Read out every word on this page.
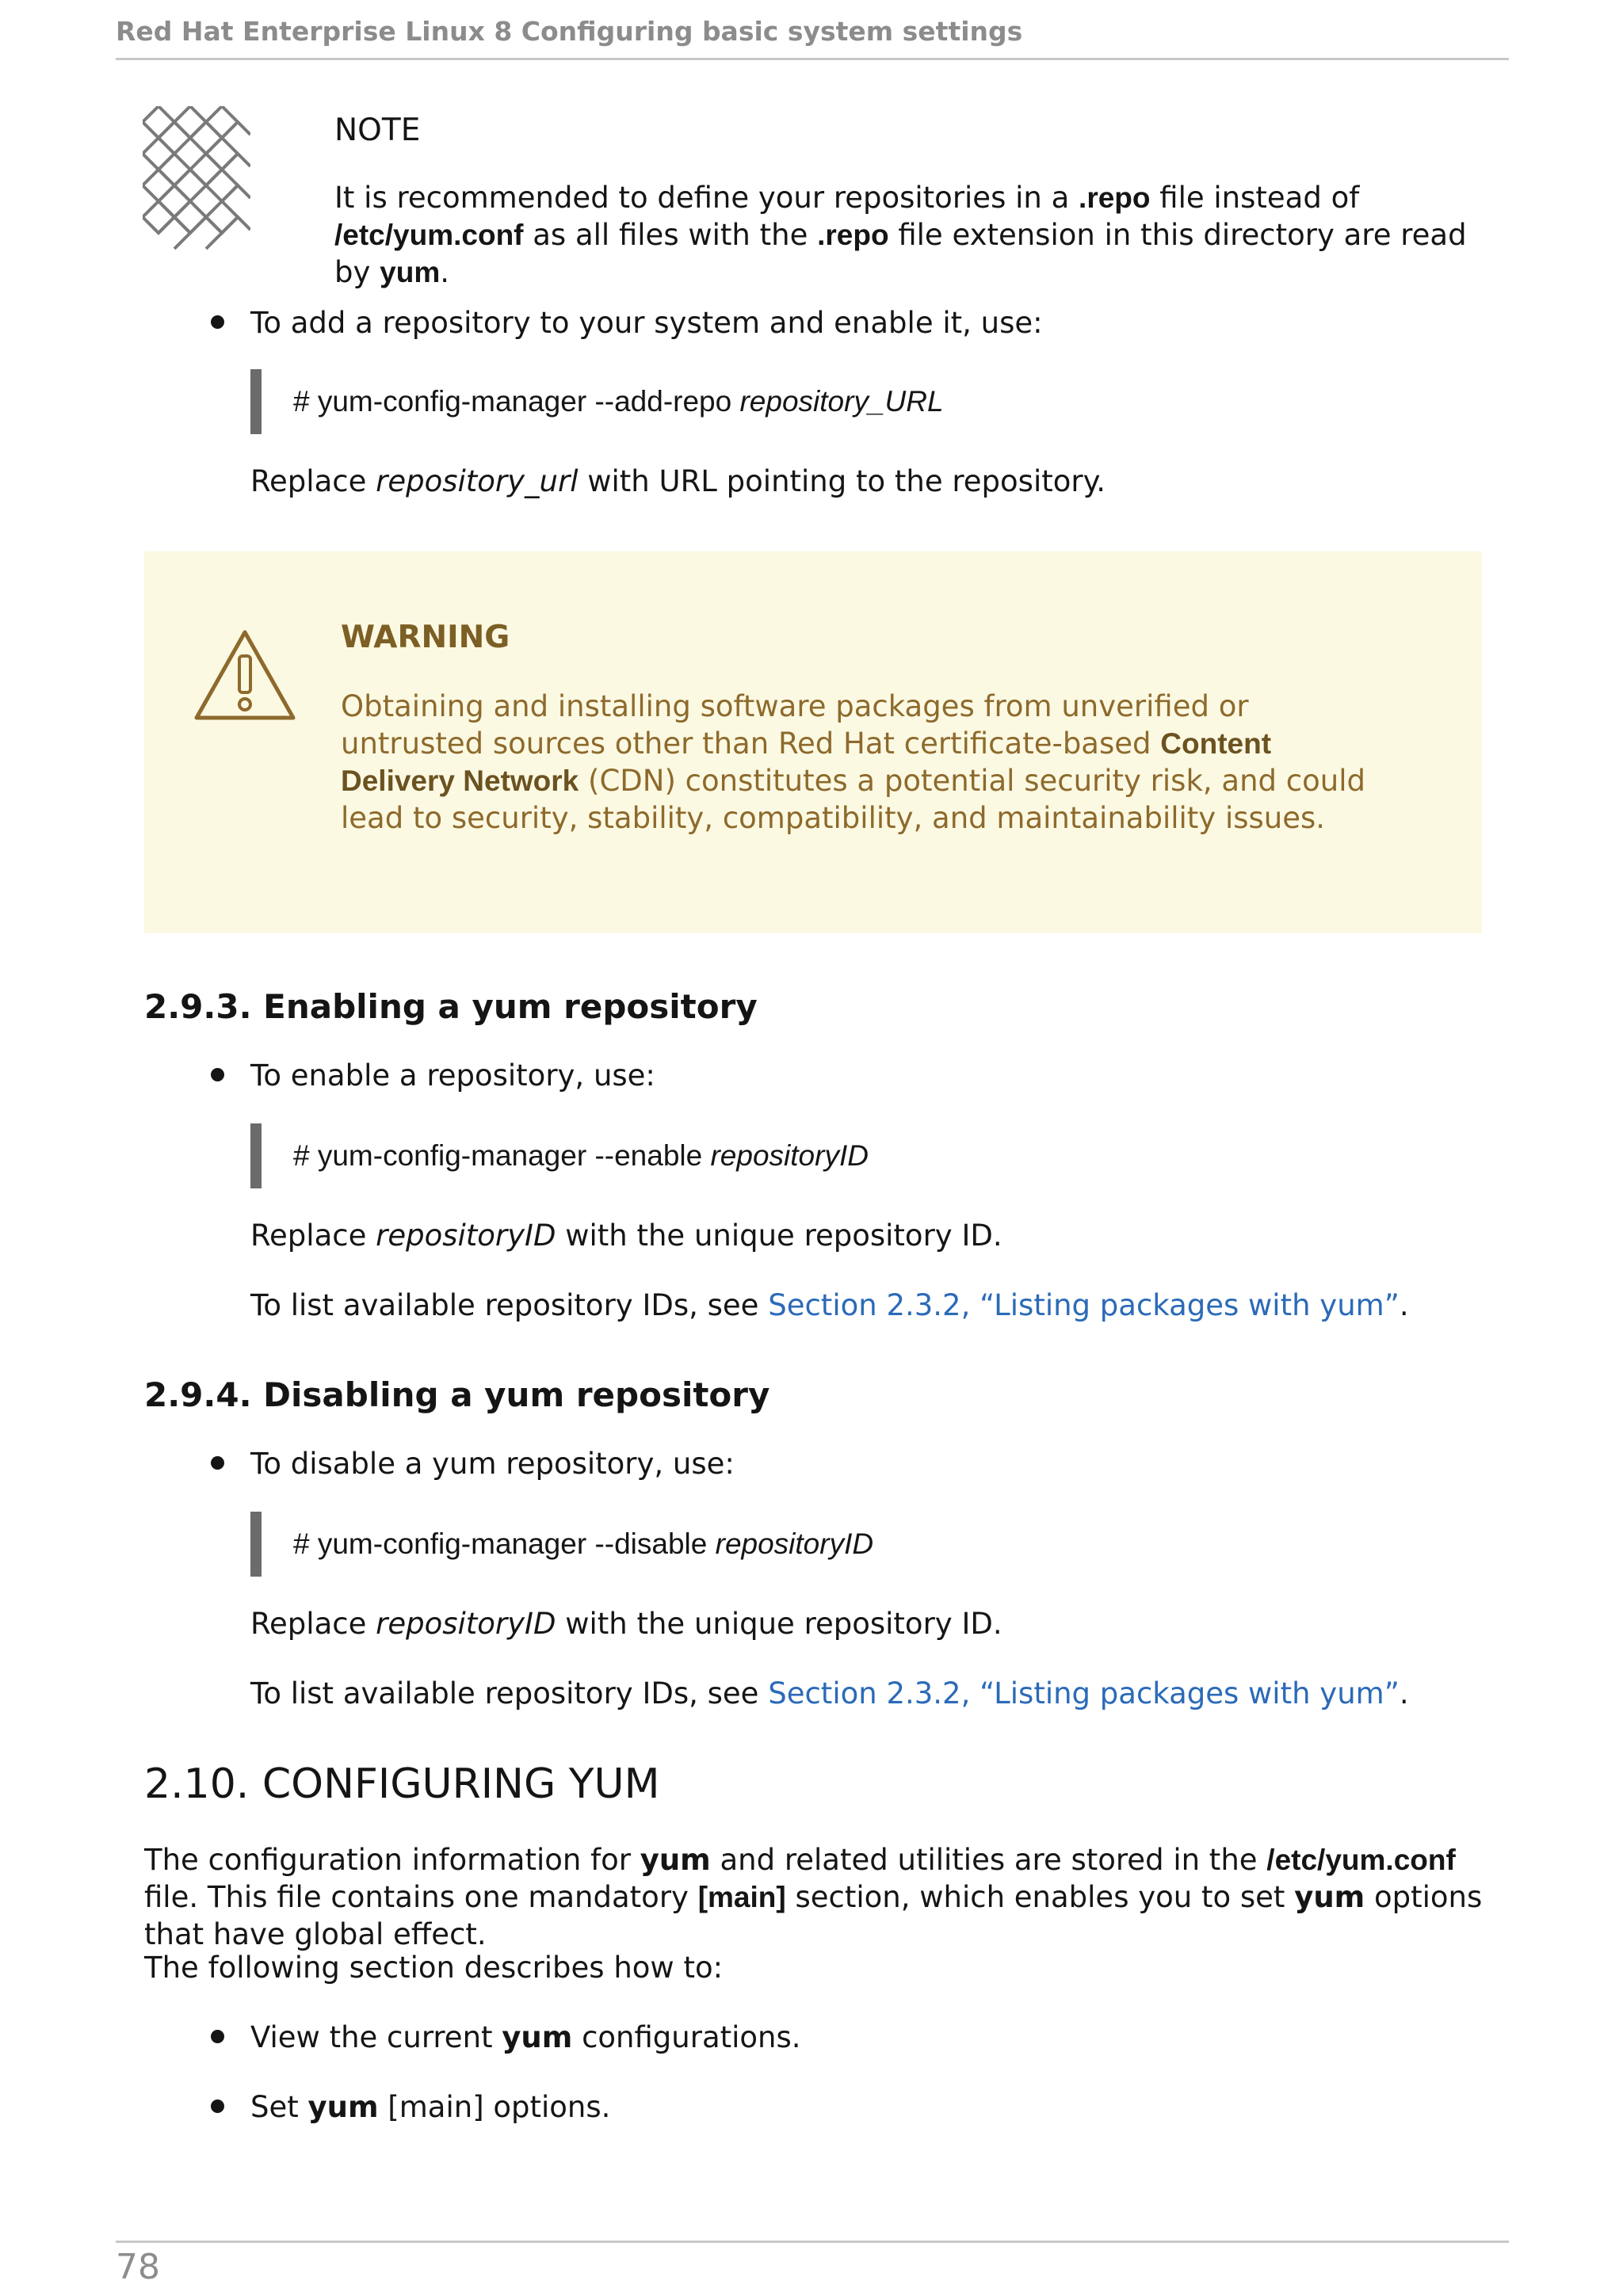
Red Hat Enterprise Linux 8 Configuring basic system settings
NOTE
It is recommended to define your repositories in a .repo file instead of /etc/yum.conf as all files with the .repo file extension in this directory are read by yum.
To add a repository to your system and enable it, use:
# yum-config-manager --add-repo repository_URL
Replace repository_url with URL pointing to the repository.
WARNING
Obtaining and installing software packages from unverified or untrusted sources other than Red Hat certificate-based Content Delivery Network (CDN) constitutes a potential security risk, and could lead to security, stability, compatibility, and maintainability issues.
2.9.3. Enabling a yum repository
To enable a repository, use:
# yum-config-manager --enable repositoryID
Replace repositoryID with the unique repository ID.
To list available repository IDs, see Section 2.3.2, “Listing packages with yum”.
2.9.4. Disabling a yum repository
To disable a yum repository, use:
# yum-config-manager --disable repositoryID
Replace repositoryID with the unique repository ID.
To list available repository IDs, see Section 2.3.2, “Listing packages with yum”.
2.10. CONFIGURING YUM
The configuration information for yum and related utilities are stored in the /etc/yum.conf file. This file contains one mandatory [main] section, which enables you to set yum options that have global effect.
The following section describes how to:
View the current yum configurations.
Set yum [main] options.
78
